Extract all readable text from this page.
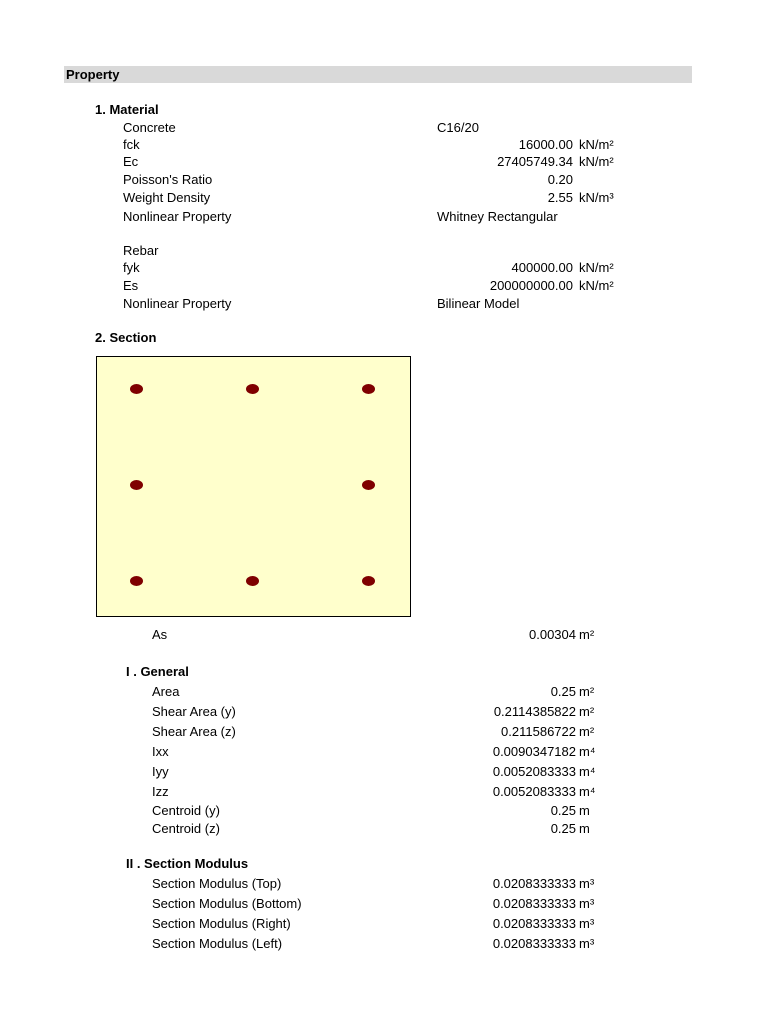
Property
1. Material
Concrete	C16/20
fck	16000.00 kN/m²
Ec	27405749.34 kN/m²
Poisson's Ratio	0.20
Weight Density	2.55 kN/m³
Nonlinear Property	Whitney Rectangular
Rebar
fyk	400000.00 kN/m²
Es	200000000.00 kN/m²
Nonlinear Property	Bilinear Model
2. Section
As	0.00304 m²
I . General
Area	0.25 m²
Shear Area (y)	0.2114385822 m²
Shear Area (z)	0.211586722 m²
Ixx	0.0090347182 m⁴
Iyy	0.0052083333 m⁴
Izz	0.0052083333 m⁴
Centroid (y)	0.25 m
Centroid (z)	0.25 m
II . Section Modulus
Section Modulus (Top)	0.0208333333 m³
Section Modulus (Bottom)	0.0208333333 m³
Section Modulus (Right)	0.0208333333 m³
Section Modulus (Left)	0.0208333333 m³
